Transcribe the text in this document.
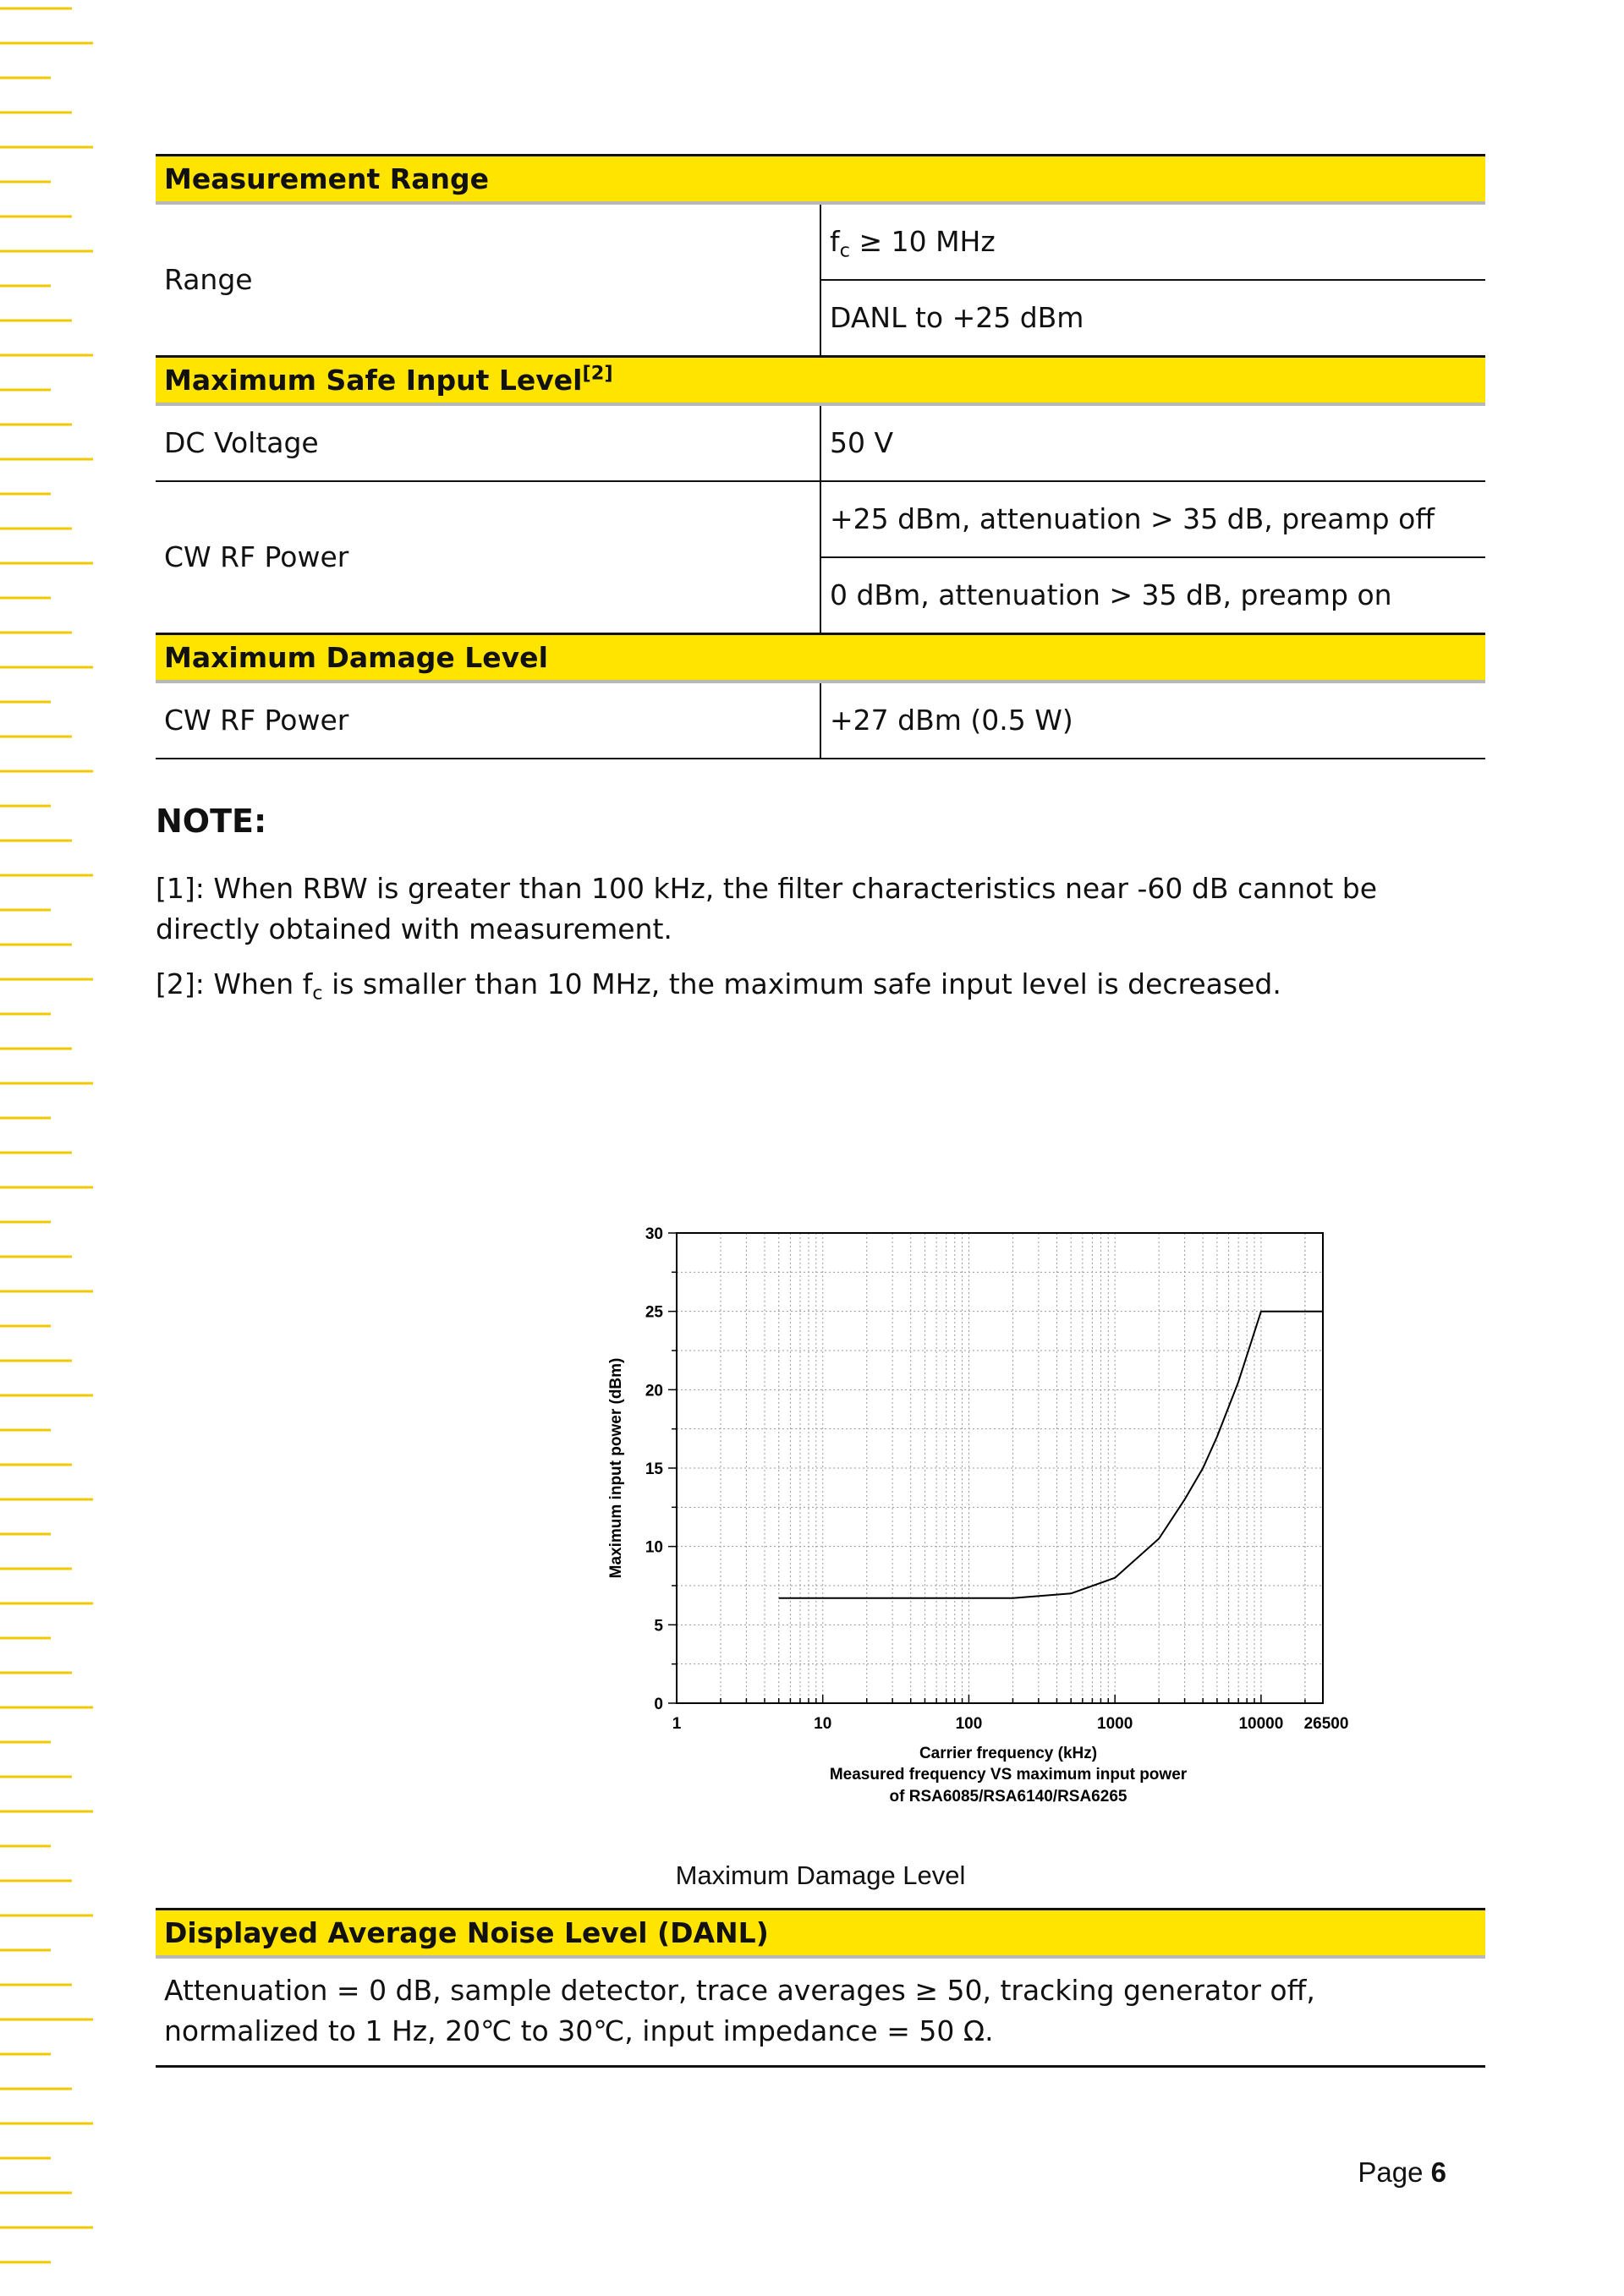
Measurement Range	
Range	$f_c \ge 10$ MHz
	DANL to +25 dBm
Maximum Safe Input Level[2]
DC Voltage	50 V
CW RF Power	+25 dBm, attenuation > 35 dB, preamp off
	0 dBm, attenuation > 35 dB, preamp on
Maximum Damage Level	
CW RF Power	+27 dBm (0.5 W)
NOTE:
[1]: When RBW is greater than 100 kHz, the filter characteristics near -60 dB cannot be directly obtained with measurement.
[2]: When $f_c$ is smaller than 10 MHz, the maximum safe input level is decreased.
0
5
10
15
20
25
30
1	10	100	1000	10000 26500
Maximum input power (dBm)
Carrier frequency (kHz)
Measured frequency VS maximum input power
of RSA6085/RSA6140/RSA6265
Maximum Damage Level
Displayed Average Noise Level (DANL)
Attenuation = 0 dB, sample detector, trace averages ≥ 50, tracking generator off, normalized to 1 Hz, 20℃ to 30℃, input impedance = 50 Ω.
Page 6
